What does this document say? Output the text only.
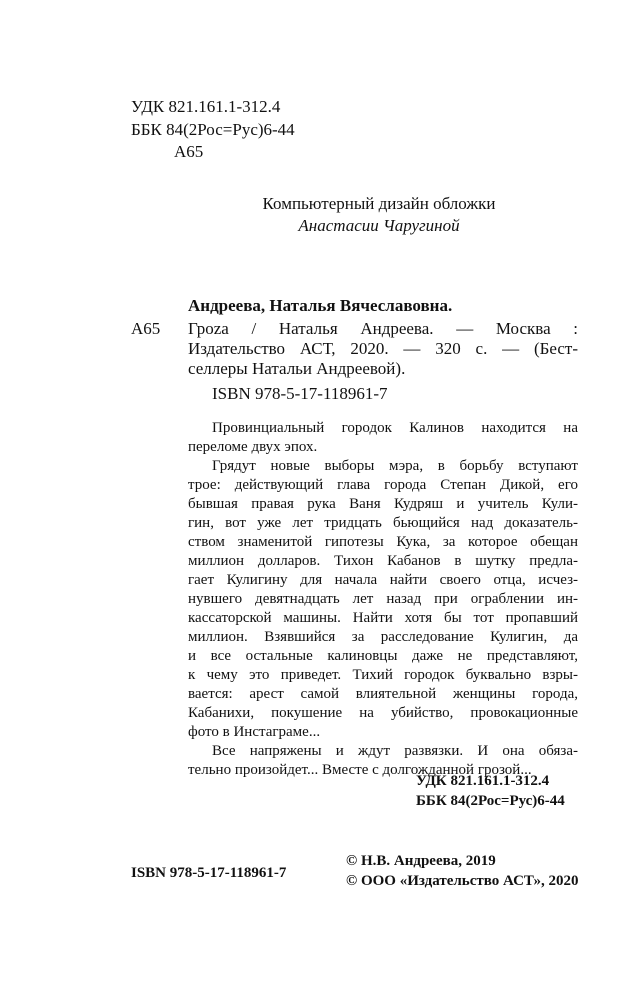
УДК 821.161.1-312.4
ББК 84(2Рос=Рус)6-44
А65
Компьютерный дизайн обложки
Анастасии Чаругиной
Андреева, Наталья Вячеславовна.
А65 Гроzа / Наталья Андреева. — Москва :
Издательство АСТ, 2020. — 320 с. — (Бест-
селлеры Натальи Андреевой).
ISBN 978-5-17-118961-7
Провинциальный городок Калинов находится на
переломе двух эпох.
Грядут новые выборы мэра, в борьбу вступают
трое: действующий глава города Степан Дикой, его
бывшая правая рука Ваня Кудряш и учитель Кули-
гин, вот уже лет тридцать бьющийся над доказатель-
ством знаменитой гипотезы Кука, за которое обещан
миллион долларов. Тихон Кабанов в шутку предла-
гает Кулигину для начала найти своего отца, исчез-
нувшего девятнадцать лет назад при ограблении ин-
кассаторской машины. Найти хотя бы тот пропавший
миллион. Взявшийся за расследование Кулигин, да
и все остальные калиновцы даже не представляют,
к чему это приведет. Тихий городок буквально взры-
вается: арест самой влиятельной женщины города,
Кабанихи, покушение на убийство, провокационные
фото в Инстаграме...
Все напряжены и ждут развязки. И она обяза-
тельно произойдет... Вместе с долгожданной грозой...
УДК 821.161.1-312.4
ББК 84(2Рос=Рус)6-44
ISBN 978-5-17-118961-7
© Н.В. Андреева, 2019
© ООО «Издательство АСТ», 2020
